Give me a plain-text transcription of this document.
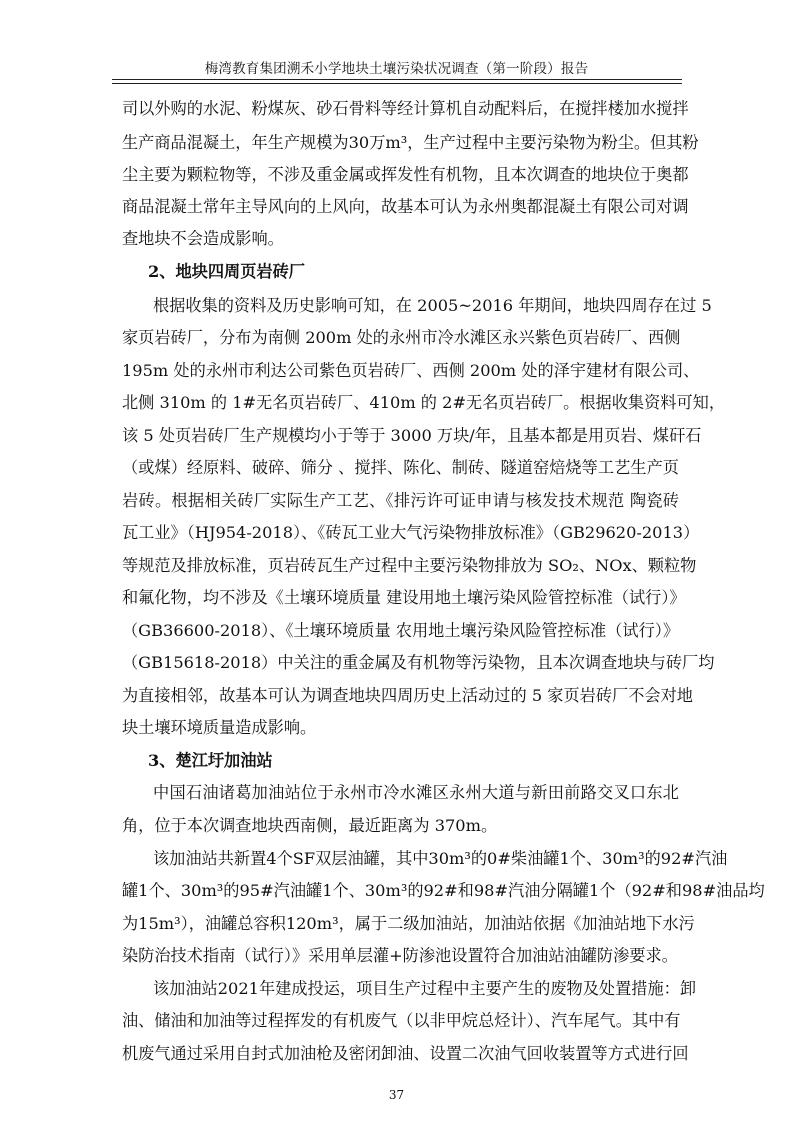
梅湾教育集团溯禾小学地块土壤污染状况调查（第一阶段）报告
司以外购的水泥、粉煤灰、砂石骨料等经计算机自动配料后，在搅拌楼加水搅拌
生产商品混凝土，年生产规模为30万m³，生产过程中主要污染物为粉尘。但其粉
尘主要为颗粒物等，不涉及重金属或挥发性有机物，且本次调查的地块位于奥都
商品混凝土常年主导风向的上风向，故基本可认为永州奥都混凝土有限公司对调
查地块不会造成影响。
2、地块四周页岩砖厂
根据收集的资料及历史影响可知，在 2005~2016 年期间，地块四周存在过 5
家页岩砖厂，分布为南侧 200m 处的永州市冷水滩区永兴紫色页岩砖厂、西侧
195m 处的永州市利达公司紫色页岩砖厂、西侧 200m 处的泽宇建材有限公司、
北侧 310m 的 1#无名页岩砖厂、410m 的 2#无名页岩砖厂。根据收集资料可知，
该 5 处页岩砖厂生产规模均小于等于 3000 万块/年，且基本都是用页岩、煤矸石
（或煤）经原料、破碎、筛分 、搅拌、陈化、制砖、隧道窑焙烧等工艺生产页
岩砖。根据相关砖厂实际生产工艺、《排污许可证申请与核发技术规范 陶瓷砖
瓦工业》（HJ954-2018）、《砖瓦工业大气污染物排放标准》（GB29620-2013）
等规范及排放标准，页岩砖瓦生产过程中主要污染物排放为 SO₂、NOx、颗粒物
和氟化物，均不涉及《土壤环境质量 建设用地土壤污染风险管控标准（试行）》
（GB36600-2018）、《土壤环境质量 农用地土壤污染风险管控标准（试行）》
（GB15618-2018）中关注的重金属及有机物等污染物，且本次调查地块与砖厂均
为直接相邻，故基本可认为调查地块四周历史上活动过的 5 家页岩砖厂不会对地
块土壤环境质量造成影响。
3、楚江圩加油站
中国石油诸葛加油站位于永州市冷水滩区永州大道与新田前路交叉口东北
角，位于本次调查地块西南侧，最近距离为 370m。
该加油站共新置4个SF双层油罐，其中30m³的0#柴油罐1个、30m³的92#汽油
罐1个、30m³的95#汽油罐1个、30m³的92#和98#汽油分隔罐1个（92#和98#油品均
为15m³），油罐总容积120m³，属于二级加油站，加油站依据《加油站地下水污
染防治技术指南（试行）》采用单层灌+防渗池设置符合加油站油罐防渗要求。
该加油站2021年建成投运，项目生产过程中主要产生的废物及处置措施：卸
油、储油和加油等过程挥发的有机废气（以非甲烷总烃计）、汽车尾气。其中有
机废气通过采用自封式加油枪及密闭卸油、设置二次油气回收装置等方式进行回
37
